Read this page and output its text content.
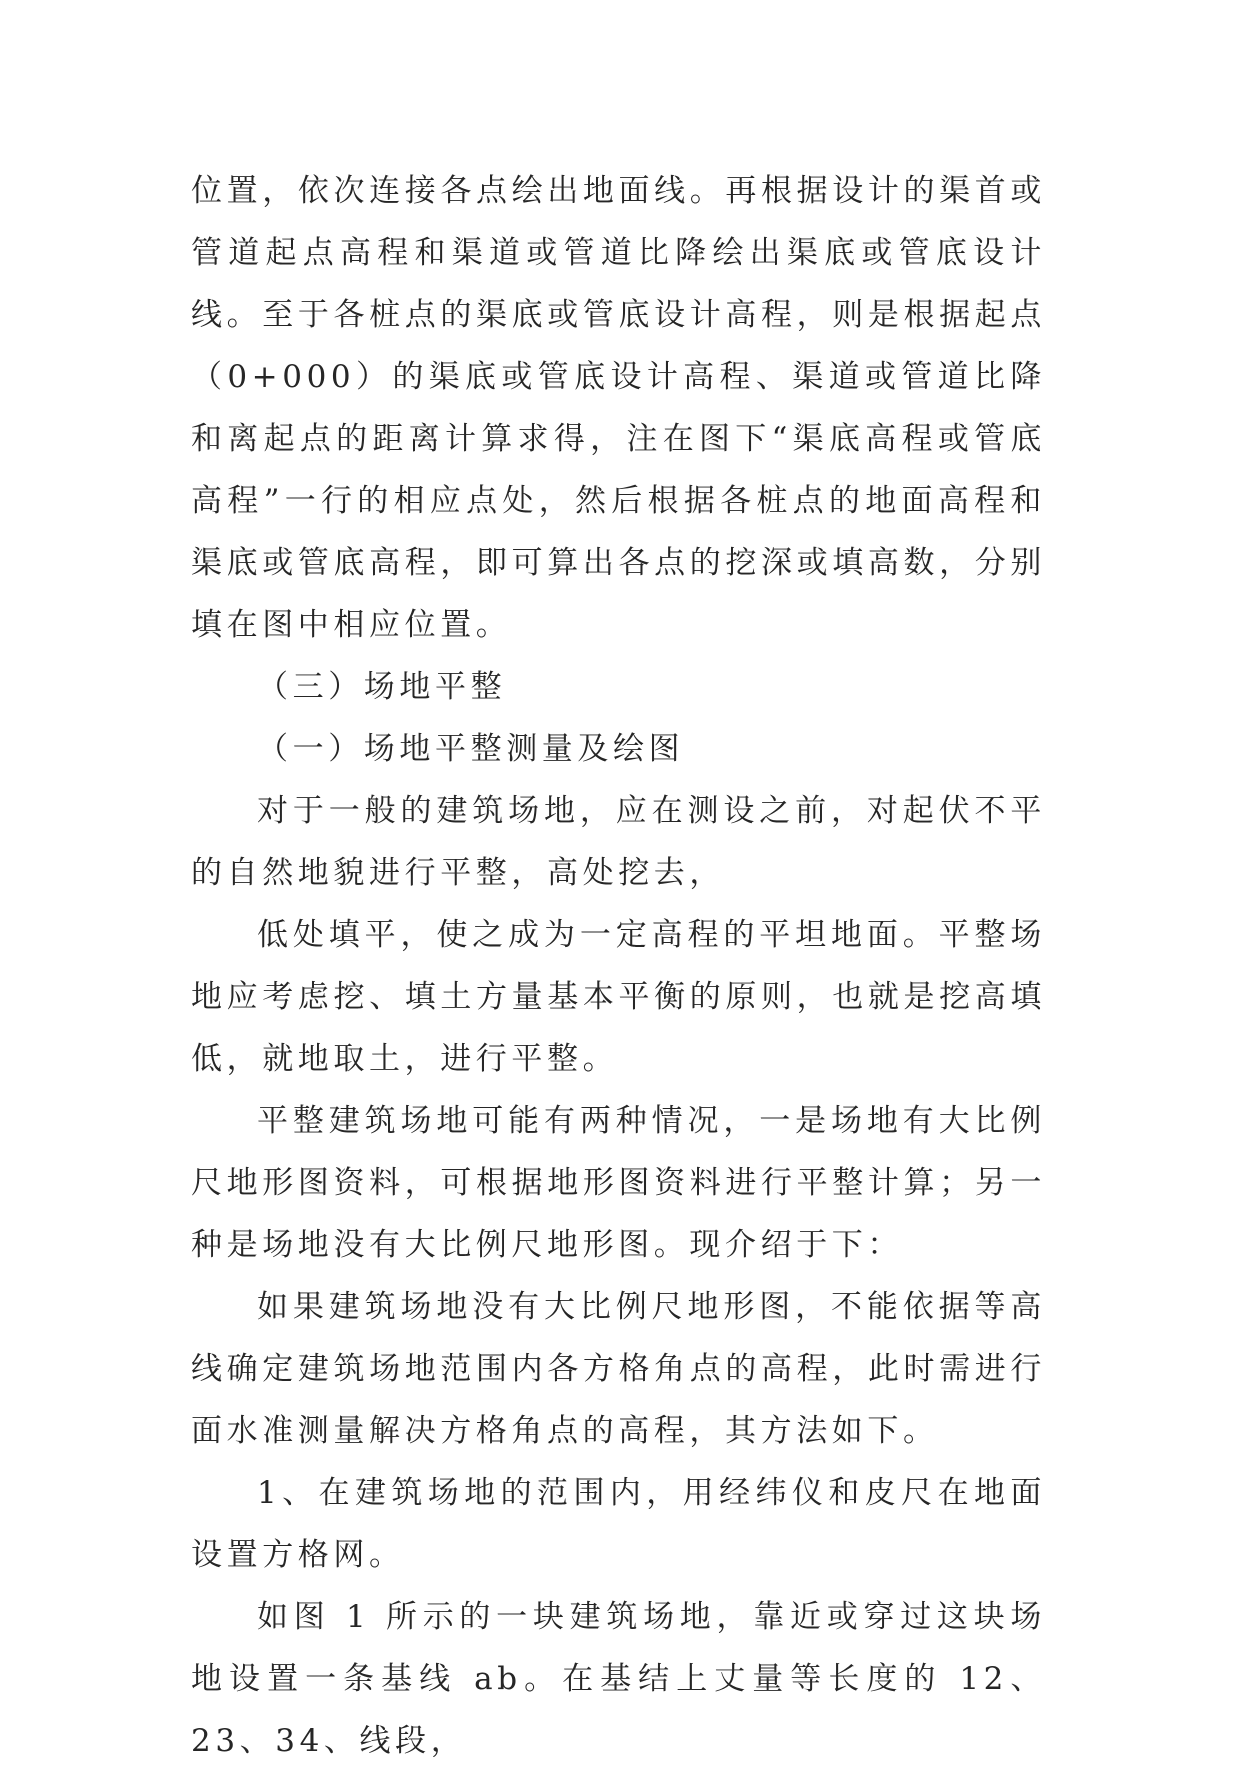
位置，依次连接各点绘出地面线。再根据设计的渠首或管道起点高程和渠道或管道比降绘出渠底或管底设计线。至于各桩点的渠底或管底设计高程，则是根据起点（0+000）的渠底或管底设计高程、渠道或管道比降和离起点的距离计算求得，注在图下“渠底高程或管底高程”一行的相应点处，然后根据各桩点的地面高程和渠底或管底高程，即可算出各点的挖深或填高数，分别填在图中相应位置。

（三）场地平整

（一）场地平整测量及绘图

对于一般的建筑场地，应在测设之前，对起伏不平的自然地貌进行平整，高处挖去，

低处填平，使之成为一定高程的平坦地面。平整场地应考虑挖、填土方量基本平衡的原则，也就是挖高填低，就地取土，进行平整。

平整建筑场地可能有两种情况，一是场地有大比例尺地形图资料，可根据地形图资料进行平整计算；另一种是场地没有大比例尺地形图。现介绍于下：

如果建筑场地没有大比例尺地形图，不能依据等高线确定建筑场地范围内各方格角点的高程，此时需进行面水准测量解决方格角点的高程，其方法如下。

1、在建筑场地的范围内，用经纬仪和皮尺在地面设置方格网。

如图 1 所示的一块建筑场地，靠近或穿过这块场地设置一条基线 ab。在基结上丈量等长度的 12、23、34、线段，
